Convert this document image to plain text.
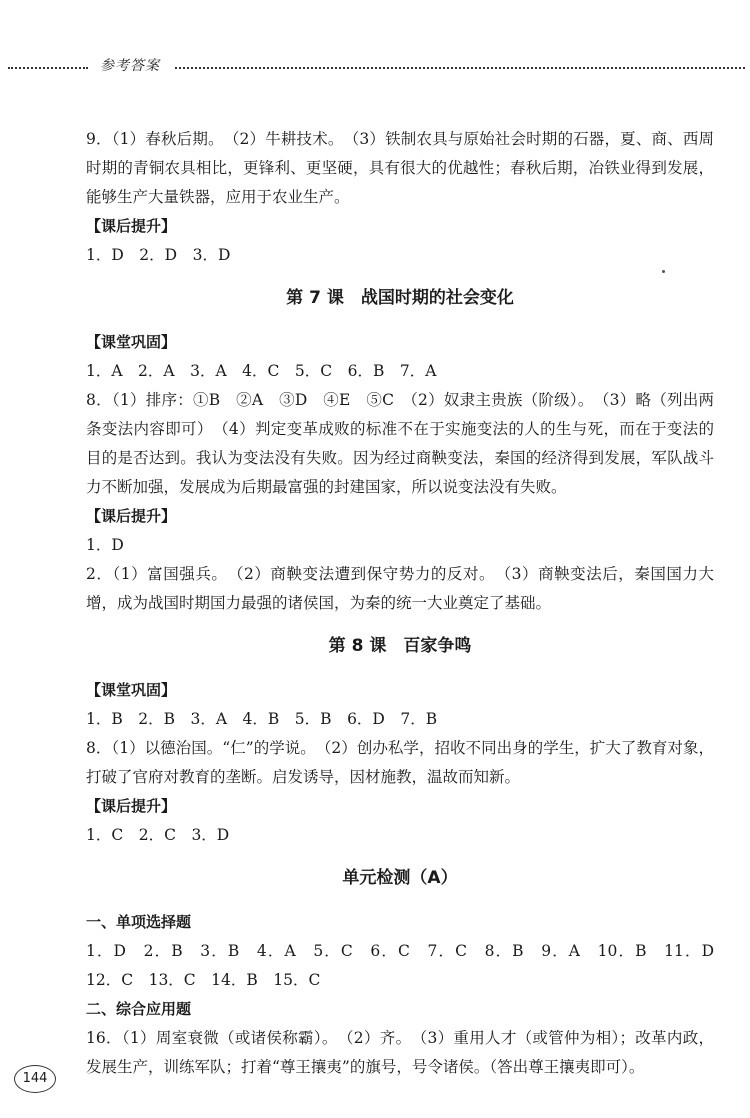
参考答案
9．（1）春秋后期。　（2）牛耕技术。　（3）铁制农具与原始社会时期的石器，夏、商、西周时期的青铜农具相比，更锋利、更坚硬，具有很大的优越性；春秋后期，冶铁业得到发展，能够生产大量铁器，应用于农业生产。
【课后提升】
1．D　2．D　3．D
第 7 课　战国时期的社会变化
【课堂巩固】
1．A　2．A　3．A　4．C　5．C　6．B　7．A
8．（1）排序：①B　②A　③D　④E　⑤C　（2）奴隶主贵族（阶级）。　（3）略（列出两条变法内容即可）　（4）判定变革成败的标准不在于实施变法的人的生与死，而在于变法的目的是否达到。我认为变法没有失败。因为经过商鞅变法，秦国的经济得到发展，军队战斗力不断加强，发展成为后期最富强的封建国家，所以说变法没有失败。
【课后提升】
1．D
2．（1）富国强兵。　（2）商鞅变法遭到保守势力的反对。　（3）商鞅变法后，秦国国力大增，成为战国时期国力最强的诸侯国，为秦的统一大业奠定了基础。
第 8 课　百家争鸣
【课堂巩固】
1．B　2．B　3．A　4．B　5．B　6．D　7．B
8．（1）以德治国。“仁”的学说。　（2）创办私学，招收不同出身的学生，扩大了教育对象，打破了官府对教育的垄断。启发诱导，因材施教，温故而知新。
【课后提升】
1．C　2．C　3．D
单元检测（A）
一、单项选择题
1．D　2．B　3．B　4．A　5．C　6．C　7．C　8．B　9．A　10．B　11．D　12．C　13．C　14．B　15．C
二、综合应用题
16．（1）周室衰微（或诸侯称霸）。　（2）齐。　（3）重用人才（或管仲为相）；改革内政，发展生产，训练军队；打着“尊王攘夷”的旗号，号令诸侯。（答出尊王攘夷即可）。
144
